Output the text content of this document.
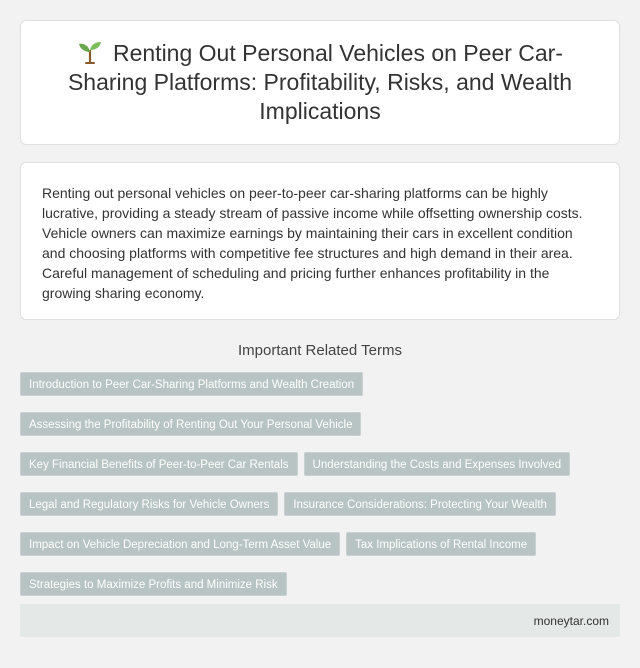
Renting Out Personal Vehicles on Peer Car-Sharing Platforms: Profitability, Risks, and Wealth Implications

Renting out personal vehicles on peer-to-peer car-sharing platforms can be highly lucrative, providing a steady stream of passive income while offsetting ownership costs. Vehicle owners can maximize earnings by maintaining their cars in excellent condition and choosing platforms with competitive fee structures and high demand in their area. Careful management of scheduling and pricing further enhances profitability in the growing sharing economy.

Important Related Terms
Introduction to Peer Car-Sharing Platforms and Wealth Creation
Assessing the Profitability of Renting Out Your Personal Vehicle
Key Financial Benefits of Peer-to-Peer Car Rentals	Understanding the Costs and Expenses Involved
Legal and Regulatory Risks for Vehicle Owners	Insurance Considerations: Protecting Your Wealth
Impact on Vehicle Depreciation and Long-Term Asset Value	Tax Implications of Rental Income
Strategies to Maximize Profits and Minimize Risk
moneytar.com
